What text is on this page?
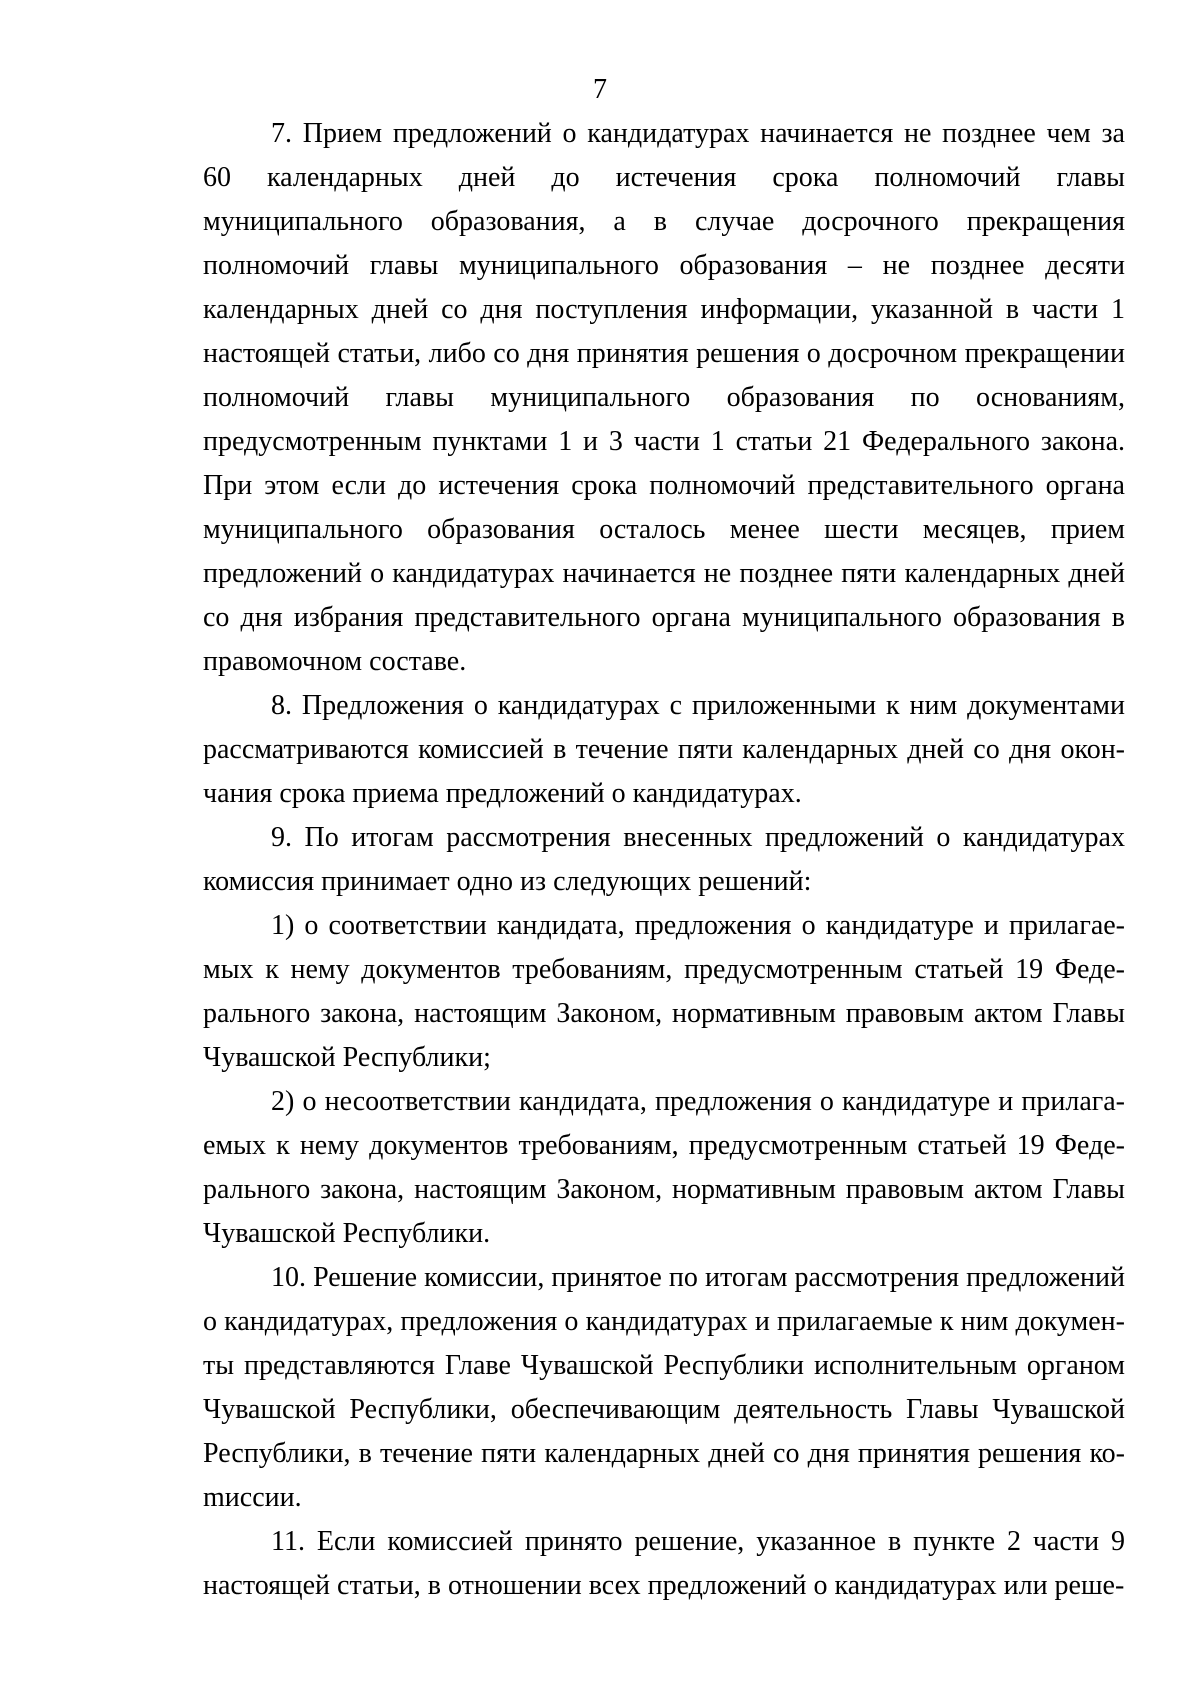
7

7. Прием предложений о кандидатурах начинается не позднее чем за 60 календарных дней до истечения срока полномочий главы муниципального образования, а в случае досрочного прекращения полномочий главы муниципального образования – не позднее десяти календарных дней со дня поступления информации, указанной в части 1 настоящей статьи, либо со дня принятия решения о досрочном прекращении полномочий главы муниципального образования по основаниям, предусмотренным пунктами 1 и 3 части 1 статьи 21 Федерального закона. При этом если до истечения срока полномочий представительного органа муниципального образования осталось менее шести месяцев, прием предложений о кандидатурах начинается не позднее пяти календарных дней со дня избрания представительного органа муниципального образования в правомочном составе.

8. Предложения о кандидатурах с приложенными к ним документами рассматриваются комиссией в течение пяти календарных дней со дня окончания срока приема предложений о кандидатурах.

9. По итогам рассмотрения внесенных предложений о кандидатурах комиссия принимает одно из следующих решений:

1) о соответствии кандидата, предложения о кандидатуре и прилагаемых к нему документов требованиям, предусмотренным статьей 19 Федерального закона, настоящим Законом, нормативным правовым актом Главы Чувашской Республики;

2) о несоответствии кандидата, предложения о кандидатуре и прилагаемых к нему документов требованиям, предусмотренным статьей 19 Федерального закона, настоящим Законом, нормативным правовым актом Главы Чувашской Республики.

10. Решение комиссии, принятое по итогам рассмотрения предложений о кандидатурах, предложения о кандидатурах и прилагаемые к ним документы представляются Главе Чувашской Республики исполнительным органом Чувашской Республики, обеспечивающим деятельность Главы Чувашской Республики, в течение пяти календарных дней со дня принятия решения коmиссии.

11. Если комиссией принято решение, указанное в пункте 2 части 9 настоящей статьи, в отношении всех предложений о кандидатурах или реше-
